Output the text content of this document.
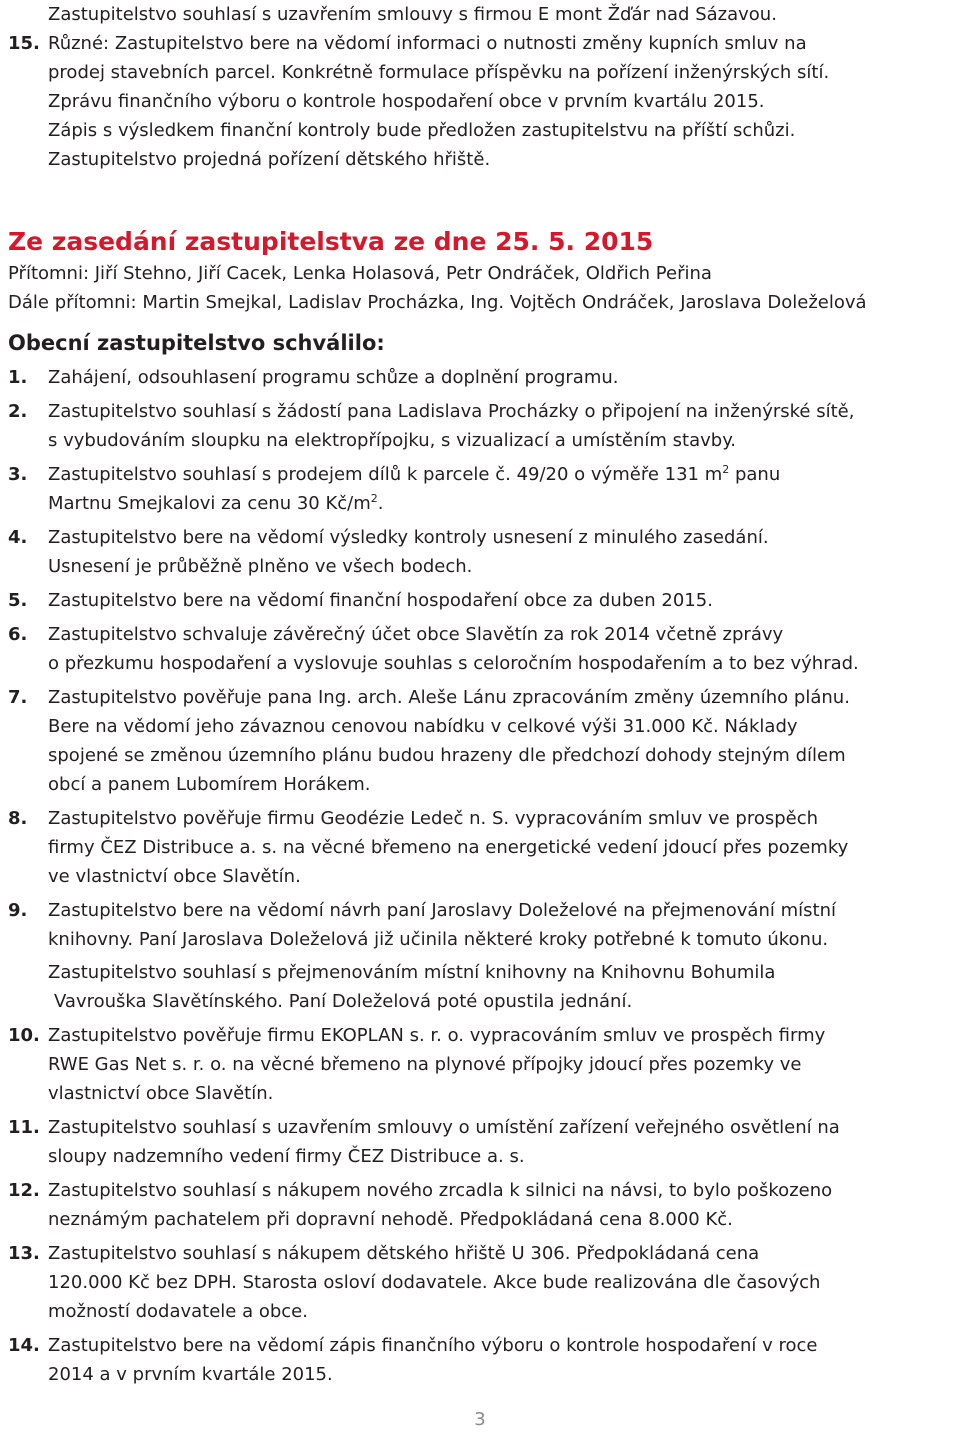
Zastupitelstvo souhlasí s uzavřením smlouvy s firmou E mont Žďár nad Sázavou.
15. Různé: Zastupitelstvo bere na vědomí informaci o nutnosti změny kupních smluv na
prodej stavebních parcel. Konkrétně formulace příspěvku na pořízení inženýrských sítí.
Zprávu finančního výboru o kontrole hospodaření obce v prvním kvartálu 2015.
Zápis s výsledkem finanční kontroly bude předložen zastupitelstvu na příští schůzi.
Zastupitelstvo projedná pořízení dětského hřiště.
Ze zasedání zastupitelstva ze dne 25. 5. 2015
Přítomni: Jiří Stehno, Jiří Cacek, Lenka Holasová, Petr Ondráček, Oldřich Peřina
Dále přítomni: Martin Smejkal, Ladislav Procházka, Ing. Vojtěch Ondráček, Jaroslava Doleželová
Obecní zastupitelstvo schválilo:
1.	Zahájení, odsouhlasení programu schůze a doplnění programu.
2.	Zastupitelstvo souhlasí s žádostí pana Ladislava Procházky o připojení na inženýrské sítě,
s vybudováním sloupku na elektropřípojku, s vizualizací a umístěním stavby.
3.	Zastupitelstvo souhlasí s prodejem dílů k parcele č. 49/20 o výměře 131 $m^2$ panu
Martnu Smejkalovi za cenu 30 $Kč/m^2$.
4.	Zastupitelstvo bere na vědomí výsledky kontroly usnesení z minulého zasedání.
Usnesení je průběžně plněno ve všech bodech.
5.	Zastupitelstvo bere na vědomí finanční hospodaření obce za duben 2015.
6.	Zastupitelstvo schvaluje závěrečný účet obce Slavětín za rok 2014 včetně zprávy
o přezkumu hospodaření a vyslovuje souhlas s celoročním hospodařením a to bez výhrad.
7.	Zastupitelstvo pověřuje pana Ing. arch. Aleše Lánu zpracováním změny územního plánu.
Bere na vědomí jeho závaznou cenovou nabídku v celkové výši 31.000 Kč. Náklady
spojené se změnou územního plánu budou hrazeny dle předchozí dohody stejným dílem
obcí a panem Lubomírem Horákem.
8.	Zastupitelstvo pověřuje firmu Geodézie Ledeč n. S. vypracováním smluv ve prospěch
firmy ČEZ Distribuce a. s. na věcné břemeno na energetické vedení jdoucí přes pozemky
ve vlastnictví obce Slavětín.
9.	Zastupitelstvo bere na vědomí návrh paní Jaroslavy Doleželové na přejmenování místní
knihovny. Paní Jaroslava Doleželová již učinila některé kroky potřebné k tomuto úkonu.
Zastupitelstvo souhlasí s přejmenováním místní knihovny na Knihovnu Bohumila
Vavrouška Slavětínského. Paní Doleželová poté opustila jednání.
10. Zastupitelstvo pověřuje firmu EKOPLAN s. r. o. vypracováním smluv ve prospěch firmy
RWE Gas Net s. r. o. na věcné břemeno na plynové přípojky jdoucí přes pozemky ve
vlastnictví obce Slavětín.
11. Zastupitelstvo souhlasí s uzavřením smlouvy o umístění zařízení veřejného osvětlení na
sloupy nadzemního vedení firmy ČEZ Distribuce a. s.
12. Zastupitelstvo souhlasí s nákupem nového zrcadla k silnici na návsi, to bylo poškozeno
neznámým pachatelem při dopravní nehodě. Předpokládaná cena 8.000 Kč.
13. Zastupitelstvo souhlasí s nákupem dětského hřiště U 306. Předpokládaná cena
120.000 Kč bez DPH. Starosta osloví dodavatele. Akce bude realizována dle časových
možností dodavatele a obce.
14. Zastupitelstvo bere na vědomí zápis finančního výboru o kontrole hospodaření v roce
2014 a v prvním kvartále 2015.
3
